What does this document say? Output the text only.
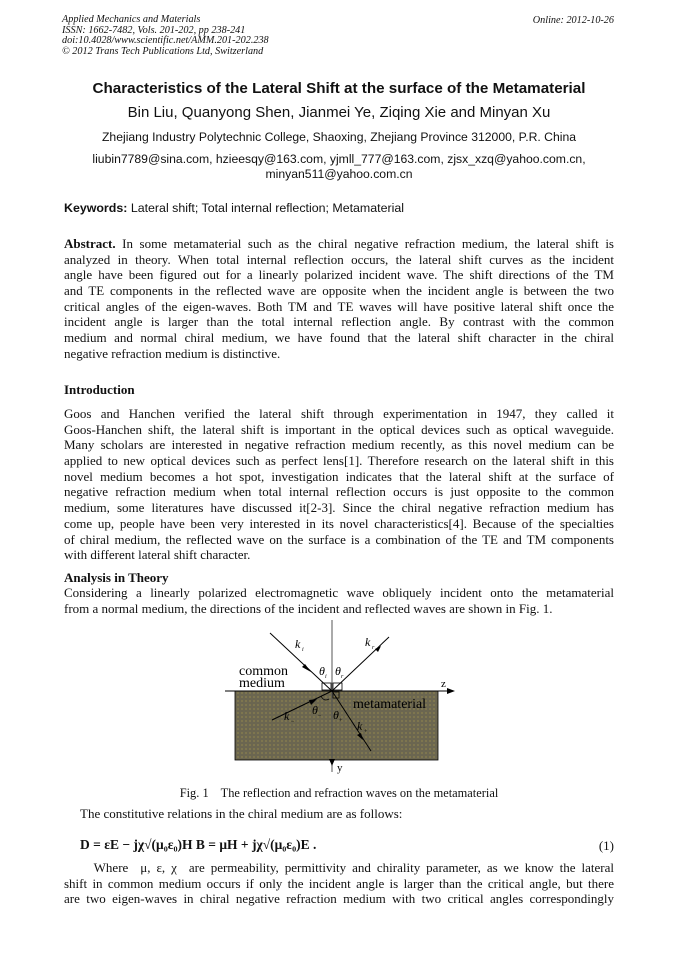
Applied Mechanics and Materials
ISSN: 1662-7482, Vols. 201-202, pp 238-241
doi:10.4028/www.scientific.net/AMM.201-202.238
© 2012 Trans Tech Publications Ltd, Switzerland
Online: 2012-10-26
Characteristics of the Lateral Shift at the surface of the Metamaterial
Bin Liu, Quanyong Shen, Jianmei Ye, Ziqing Xie and Minyan Xu
Zhejiang Industry Polytechnic College, Shaoxing, Zhejiang Province 312000, P.R. China
liubin7789@sina.com, hzieesqy@163.com, yjmll_777@163.com, zjsx_xzq@yahoo.com.cn,
minyan511@yahoo.com.cn
Keywords: Lateral shift; Total internal reflection; Metamaterial
Abstract. In some metamaterial such as the chiral negative refraction medium, the lateral shift is
analyzed in theory. When total internal reflection occurs, the lateral shift curves as the incident
angle have been figured out for a linearly polarized incident wave. The shift directions of the TM
and TE components in the reflected wave are opposite when the incident angle is between the two
critical angles of the eigen-waves. Both TM and TE waves will have positive lateral shift once the
incident angle is larger than the total internal reflection angle. By contrast with the common
medium and normal chiral medium, we have found that the lateral shift character in the chiral
negative refraction medium is distinctive.
Introduction
Goos and Hanchen verified the lateral shift through experimentation in 1947, they called it
Goos-Hanchen shift, the lateral shift is important in the optical devices such as optical waveguide.
Many scholars are interested in negative refraction medium recently, as this novel medium can be
applied to new optical devices such as perfect lens[1]. Therefore research on the lateral shift in this
novel medium becomes a hot spot, investigation indicates that the lateral shift at the surface of
negative refraction medium when total internal reflection occurs is just opposite to the common
medium, some literatures have discussed it[2-3]. Since the chiral negative refraction medium has
come up, people have been very interested in its novel characteristics[4]. Because of the specialties
of chiral medium, the reflected wave on the surface is a combination of the TE and TM components
with different lateral shift character.
Analysis in Theory
Considering a linearly polarized electromagnetic wave obliquely incident onto the metamaterial
from a normal medium, the directions of the incident and reflected waves are shown in Fig. 1.
common
medium
metamaterial
z
y
k i
k r
k −	k +
θ i θ r
θ − θ +
Fig. 1 The reflection and refraction waves on the metamaterial
The constitutive relations in the chiral medium are as follows:
D = εE − jχ√(μ₀ε₀)H B = μH + jχ√(μ₀ε₀)E .	(1)
Where  μ, ε, χ  are permeability, permittivity and chirality parameter, as we know the lateral
shift in common medium occurs if only the incident angle is larger than the critical angle, but there
are two eigen-waves in chiral negative refraction medium with two critical angles correspondingly
